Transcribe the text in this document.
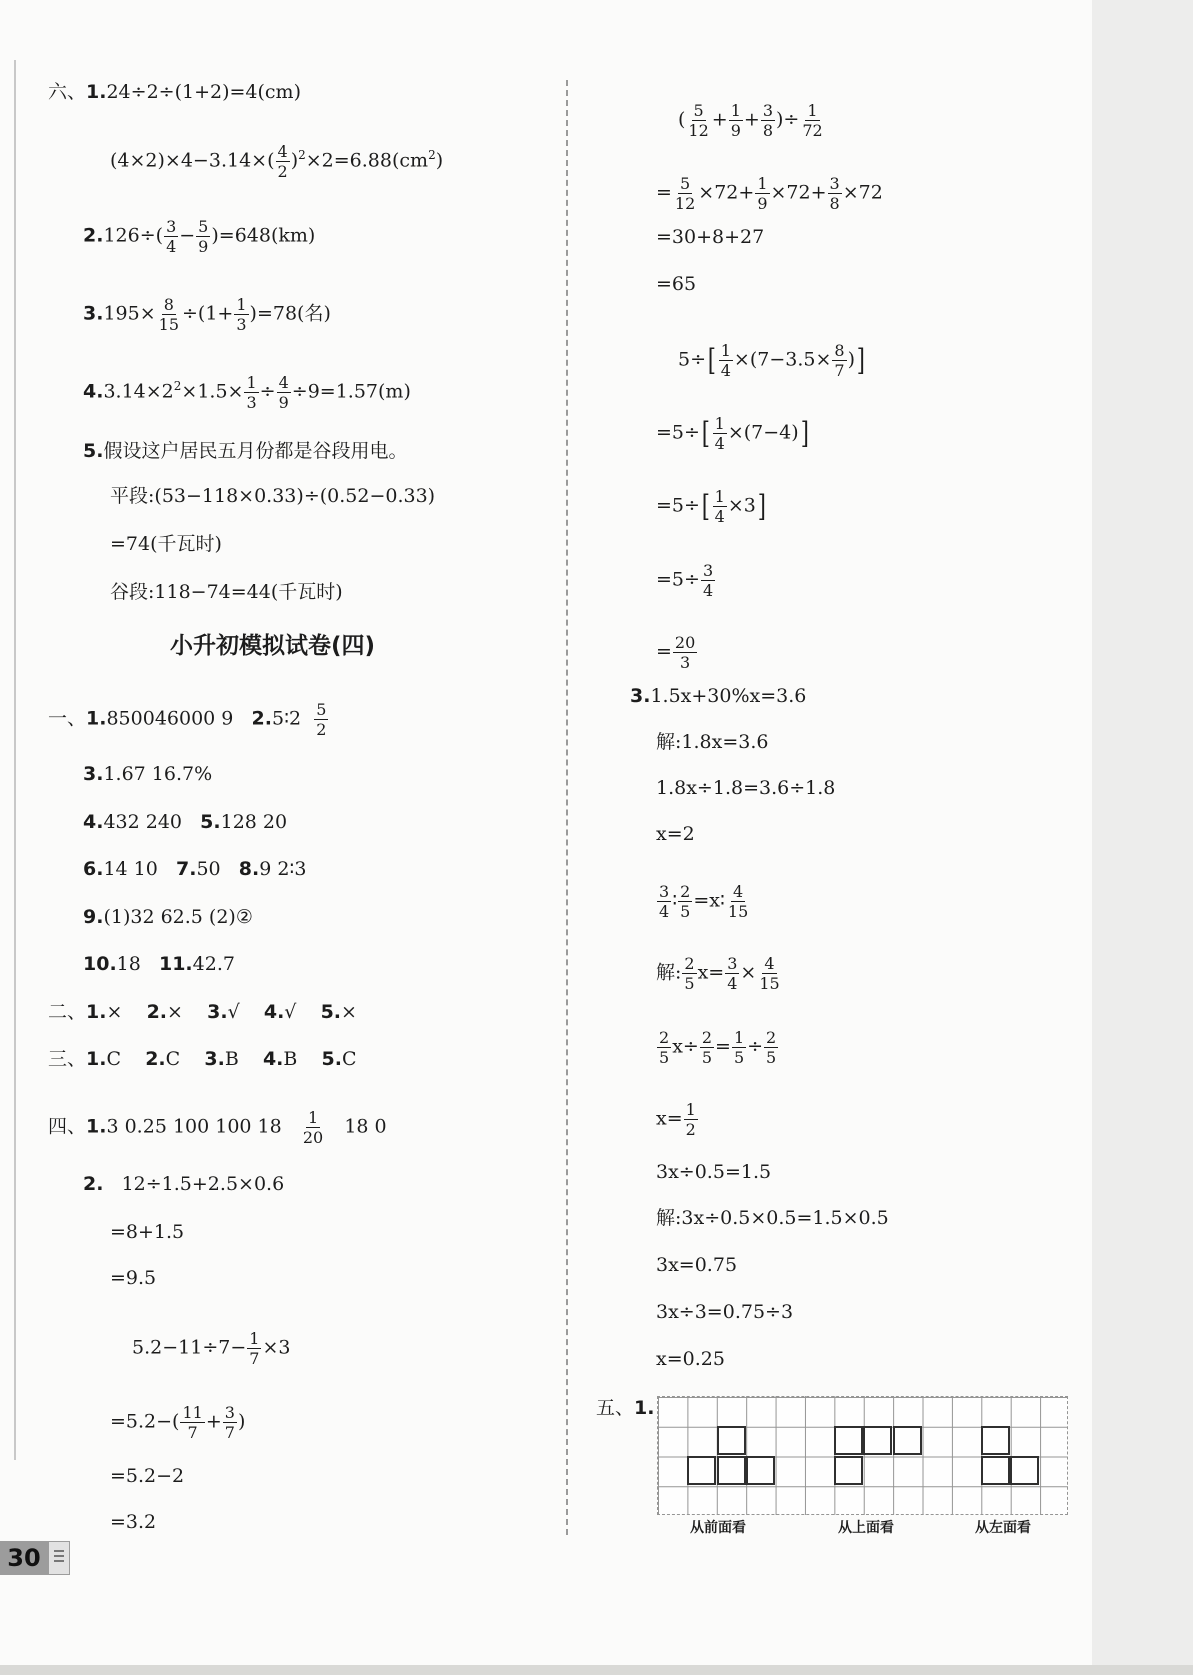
六、1.24÷2÷(1+2)=4(cm)
$(4\times 2)\times 4-3.14\times( \frac{4}{2} )^2\times 2=6.88(cm^2)$
$2.126\div( \frac{3}{4} - \frac{5}{9} )=648(km)$
$3.195\times \frac{8}{15} \div(1+ \frac{1}{3} )=78$(名)
$4.3.14\times 2^2\times 1.5\times \frac{1}{3} \div \frac{4}{9} \div 9=1.57(m)$
5.假设这户居民五月份都是谷段用电。
平段:(53−118×0.33)÷(0.52−0.33)
=74(千瓦时)
谷段:118−74=44(千瓦时)
小升初模拟试卷(四)
一、1.850046000 9 2.5∶2 $\frac{5}{2}$
3.1.67 16.7%
4.432 240 5.128 20
6.14 10 7.50 8.9 2∶3
9.(1)32 62.5 (2)②
10.18 11.42.7
二、1.× 2.× 3.√ 4.√ 5.×
三、1.C 2.C 3.B 4.B 5.C
四、1.3 0.25 100 100 $18 \frac{1}{20} 18$ 0
2. 12÷1.5+2.5×0.6
=8+1.5
=9.5
$5.2-11\div 7- \frac{1}{7} \times 3$
$=5.2-( \frac{11}{7} + \frac{3}{7}$ )
=5.2−2
=3.2
30
( $\frac{5}{12} + \frac{1}{9} + \frac{3}{8}$ )÷ $\frac{1}{72}$
= $\frac{5}{12} \times 72+ \frac{1}{9} \times 72+ \frac{3}{8} \times 72$
=30+8+27
=65
$5\div[ \frac{1}{4} \times(7-3.5\times \frac{8}{7}$ )]
$=5\div[ \frac{1}{4} \times(7-4)]$
$=5\div[ \frac{1}{4} \times 3]$
$=5\div \frac{3}{4}$
= $\frac{20}{3}$
3.1.5x+30%x=3.6
解:1.8x=3.6
1.8x÷1.8=3.6÷1.8
x=2
$\frac{3}{4}$ ∶ $\frac{2}{5}$ =x∶ $\frac{4}{15}$
解: $\frac{2}{5} x= \frac{3}{4} \times \frac{4}{15}$
$\frac{2}{5} x\div \frac{2}{5} = \frac{1}{5} \div \frac{2}{5}$
$x= \frac{1}{2}$
3x÷0.5=1.5
解:3x÷0.5×0.5=1.5×0.5
3x=0.75
3x÷3=0.75÷3
x=0.25
五、1.
从前面看	从上面看	从左面看
